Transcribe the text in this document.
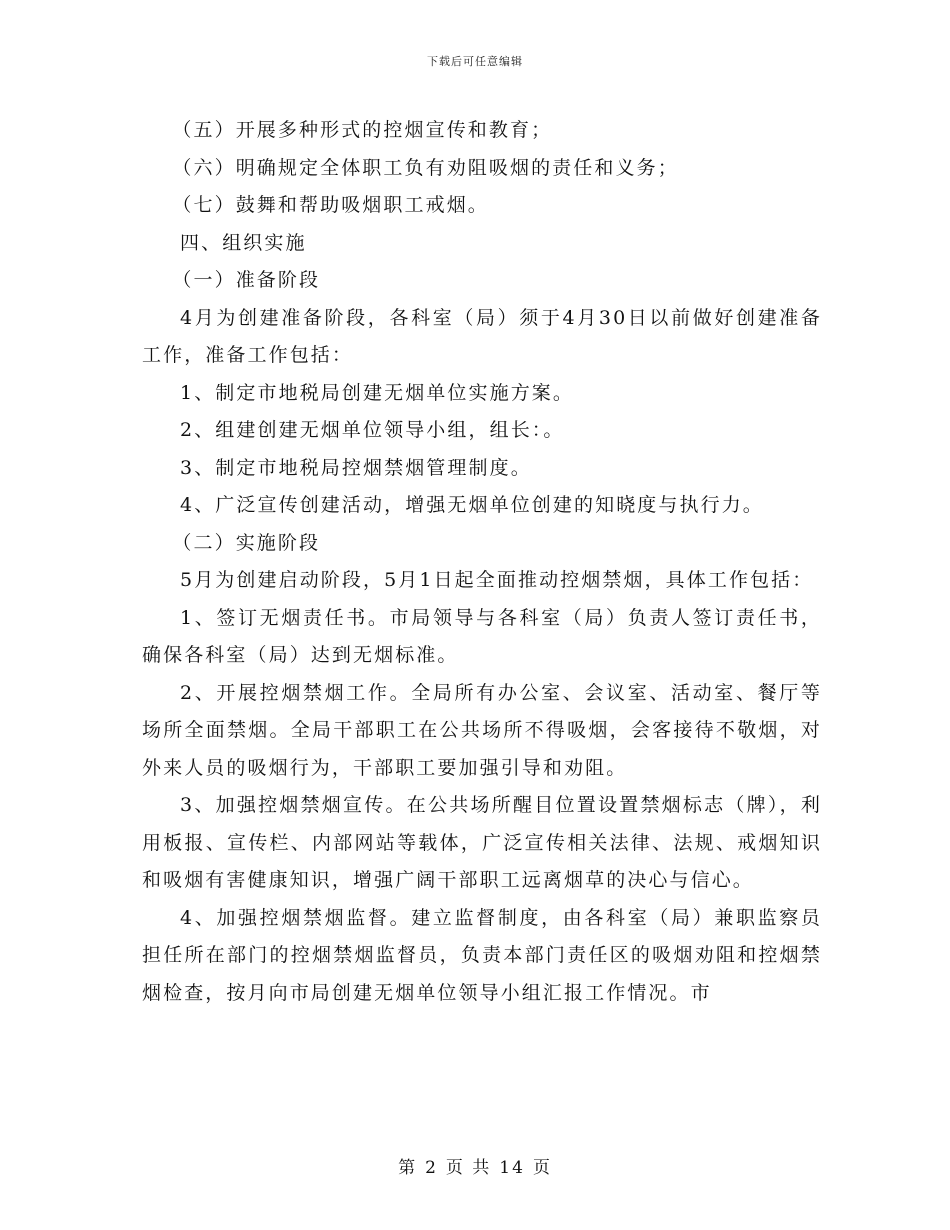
下载后可任意编辑

（五）开展多种形式的控烟宣传和教育；

（六）明确规定全体职工负有劝阻吸烟的责任和义务；

（七）鼓舞和帮助吸烟职工戒烟。

四、组织实施

（一）准备阶段

4月为创建准备阶段，各科室（局）须于4月30日以前做好创建准备工作，准备工作包括：

1、制定市地税局创建无烟单位实施方案。

2、组建创建无烟单位领导小组，组长：。

3、制定市地税局控烟禁烟管理制度。

4、广泛宣传创建活动，增强无烟单位创建的知晓度与执行力。

（二）实施阶段

5月为创建启动阶段，5月1日起全面推动控烟禁烟，具体工作包括：

1、签订无烟责任书。市局领导与各科室（局）负责人签订责任书，确保各科室（局）达到无烟标准。

2、开展控烟禁烟工作。全局所有办公室、会议室、活动室、餐厅等场所全面禁烟。全局干部职工在公共场所不得吸烟，会客接待不敬烟，对外来人员的吸烟行为，干部职工要加强引导和劝阻。

3、加强控烟禁烟宣传。在公共场所醒目位置设置禁烟标志（牌），利用板报、宣传栏、内部网站等载体，广泛宣传相关法律、法规、戒烟知识和吸烟有害健康知识，增强广阔干部职工远离烟草的决心与信心。

4、加强控烟禁烟监督。建立监督制度，由各科室（局）兼职监察员担任所在部门的控烟禁烟监督员，负责本部门责任区的吸烟劝阻和控烟禁烟检查，按月向市局创建无烟单位领导小组汇报工作情况。市

第 2 页 共 14 页
